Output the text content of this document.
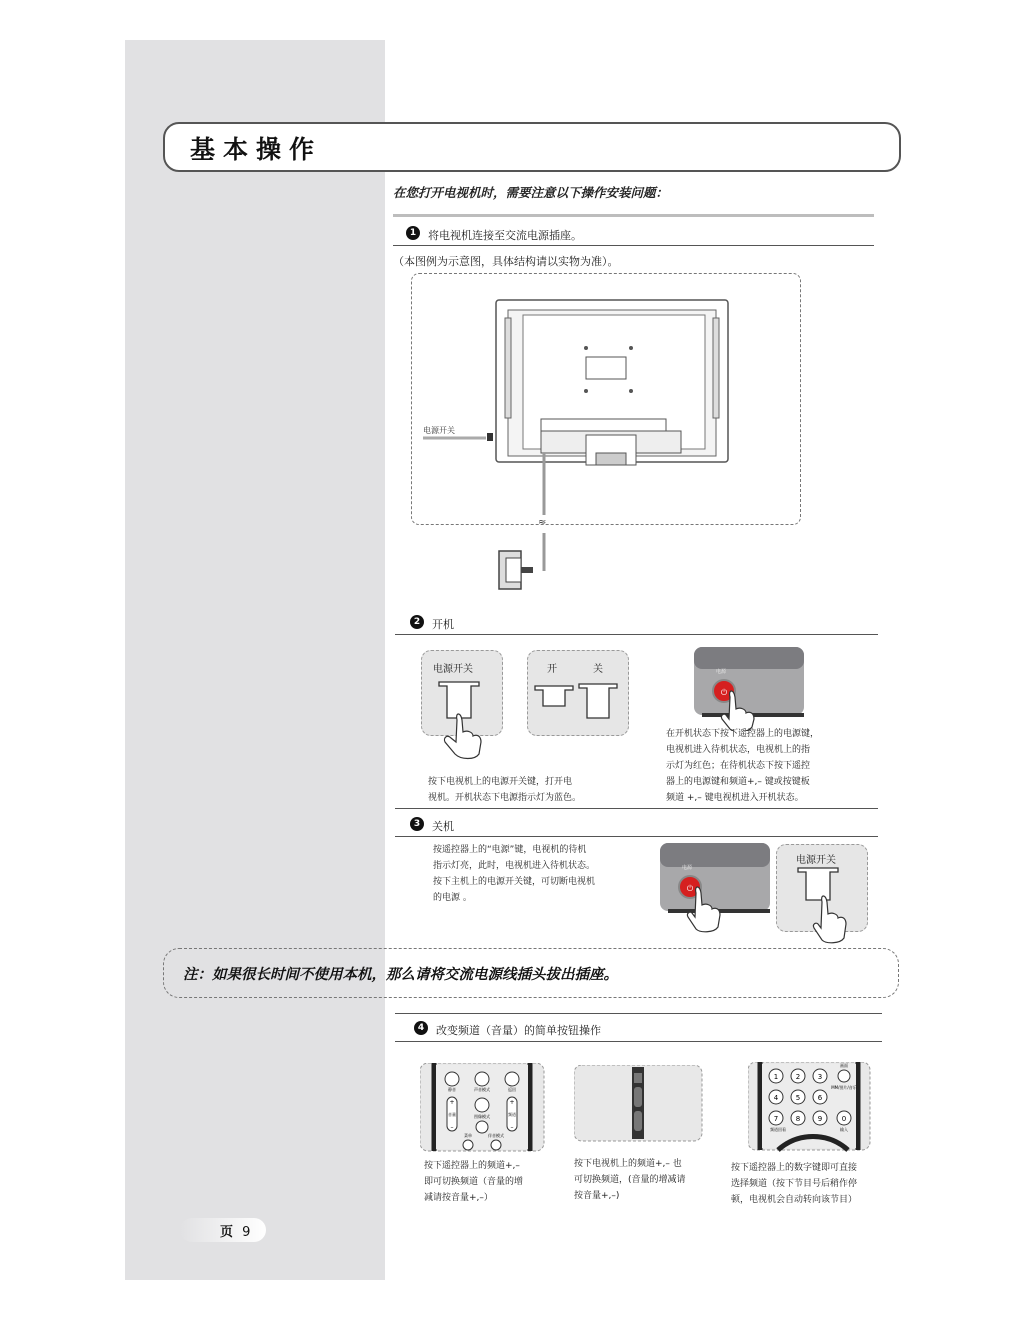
基本操作
在您打开电视机时，需要注意以下操作安装问题：
1	将电视机连接至交流电源插座。
（本图例为示意图，具体结构请以实物为准）。
电源开关
≈
2	开机
电源开关	开	关
⏻
电源
按下电视机上的电源开关键，打开电
视机。开机状态下电源指示灯为蓝色。
在开机状态下按下遥控器上的电源键，
电视机进入待机状态，电视机上的指
示灯为红色；在待机状态下按下遥控
器上的电源键和频道+,– 键或按键板
频道 +,– 键电视机进入开机状态。
3	关机
按遥控器上的“电源”键，电视机的待机
指示灯亮，此时，电视机进入待机状态。
按下主机上的电源开关键，可切断电视机
的电源 。
⏻
电源
电源开关
注：如果很长时间不使用本机，那么请将交流电源线插头拔出插座。
4	改变频道（音量）的简单按钮操作
静音	声音模式	返回
+
–
+
–
音量	频道
图像模式
菜单	伴音模式
1	2	3
4	5	6
7	8	9	0
画面
MM/图片/音乐
频道回看	输入
按下遥控器上的频道+,–
即可切换频道（音量的增
减请按音量+,–）
按下电视机上的频道+,– 也
可切换频道，(音量的增减请
按音量+,–)
按下遥控器上的数字键即可直接
选择频道（按下节目号后稍作停
顿，电视机会自动转向该节目）
页 9
